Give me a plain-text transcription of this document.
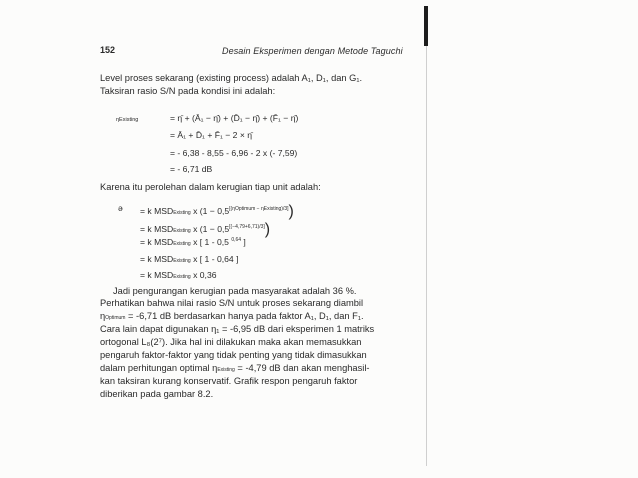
152	Desain Eksperimen dengan Metode Taguchi
Level proses sekarang (existing process) adalah A₁, D₁, dan G₁.
Taksiran rasio S/N pada kondisi ini adalah:
ηExisting	= η̄ + (Ā₁ − η̄) + (D̄₁ − η̄) + (F̄₁ − η̄)
= Ā₁ + D̄₁ + F̄₁ − 2 × η̄
= - 6,38 - 8,55 - 6,96 - 2 x (- 7,59)
= - 6,71 dB
Karena itu perolehan dalam kerugian tiap unit adalah:
ə = k MSDExisting x (1 − 0,5[(ηOptimum − ηExisting)/3])
= k MSDExisting x (1 − 0,5[(−4,79+6,71)/3])
= k MSDExisting x [ 1 - 0,5 $^{0,64}$ ]
= k MSDExisting x [ 1 - 0,64 ]
= k MSDExisting x 0,36
Jadi pengurangan kerugian pada masyarakat adalah 36 %.
Perhatikan bahwa nilai rasio S/N untuk proses sekarang diambil
ηOptimum = -6,71 dB berdasarkan hanya pada faktor A₁, D₁, dan F₁.
Cara lain dapat digunakan η₁ = -6,95 dB dari eksperimen 1 matriks
ortogonal L₈(2⁷). Jika hal ini dilakukan maka akan memasukkan
pengaruh faktor-faktor yang tidak penting yang tidak dimasukkan
dalam perhitungan optimal ηExisting = -4,79 dB dan akan menghasil-
kan taksiran kurang konservatif. Grafik respon pengaruh faktor
diberikan pada gambar 8.2.
